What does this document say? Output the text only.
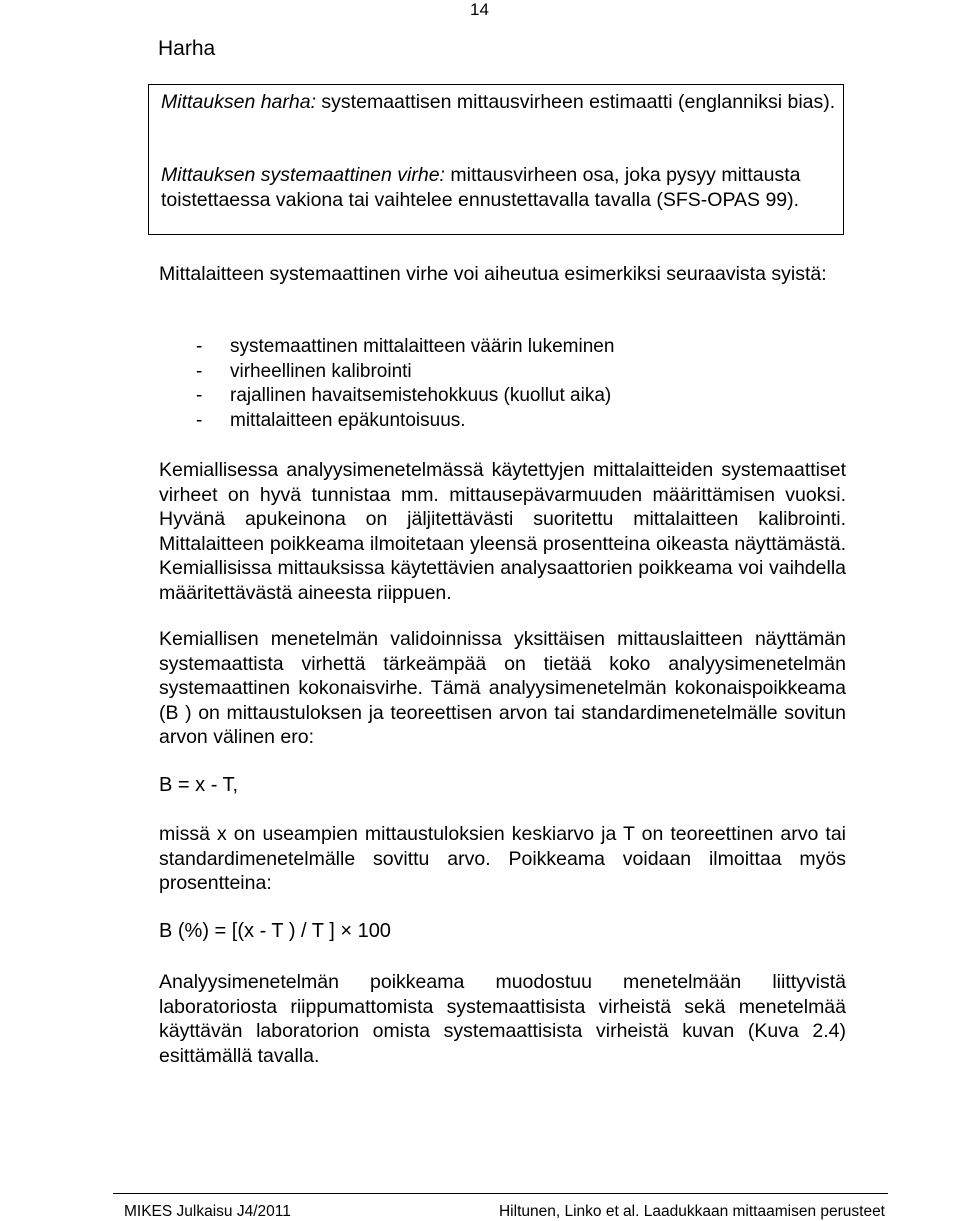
14
Harha

Mittauksen harha: systemaattisen mittausvirheen estimaatti (englanniksi bias).

Mittauksen systemaattinen virhe: mittausvirheen osa, joka pysyy mittausta toistettaessa vakiona tai vaihtelee ennustettavalla tavalla (SFS-OPAS 99).

Mittalaitteen systemaattinen virhe voi aiheutua esimerkiksi seuraavista syistä:

- systemaattinen mittalaitteen väärin lukeminen
- virheellinen kalibrointi
- rajallinen havaitsemistehokkuus (kuollut aika)
- mittalaitteen epäkuntoisuus.

Kemiallisessa analyysimenetelmässä käytettyjen mittalaitteiden systemaattiset virheet on hyvä tunnistaa mm. mittausepävarmuuden määrittämisen vuoksi. Hyvänä apukeinona on jäljitettävästi suoritettu mittalaitteen kalibrointi. Mittalaitteen poikkeama ilmoitetaan yleensä prosentteina oikeasta näyttämästä. Kemiallisissa mittauksissa käytettävien analysaattorien poikkeama voi vaihdella määritettävästä aineesta riippuen.

Kemiallisen menetelmän validoinnissa yksittäisen mittauslaitteen näyttämän systemaattista virhettä tärkeämpää on tietää koko analyysimenetelmän systemaattinen kokonaisvirhe. Tämä analyysimenetelmän kokonaispoikkeama (B ) on mittaustuloksen ja teoreettisen arvon tai standardimenetelmälle sovitun arvon välinen ero:

B = x - T,

missä x on useampien mittaustuloksien keskiarvo ja T on teoreettinen arvo tai standardimenetelmälle sovittu arvo. Poikkeama voidaan ilmoittaa myös prosentteina:

B (%) = [(x - T ) / T ] × 100

Analyysimenetelmän poikkeama muodostuu menetelmään liittyvistä laboratoriosta riippumattomista systemaattisista virheistä sekä menetelmää käyttävän laboratorion omista systemaattisista virheistä kuvan (Kuva 2.4) esittämällä tavalla.

MIKES Julkaisu J4/2011	Hiltunen, Linko et al. Laadukkaan mittaamisen perusteet
